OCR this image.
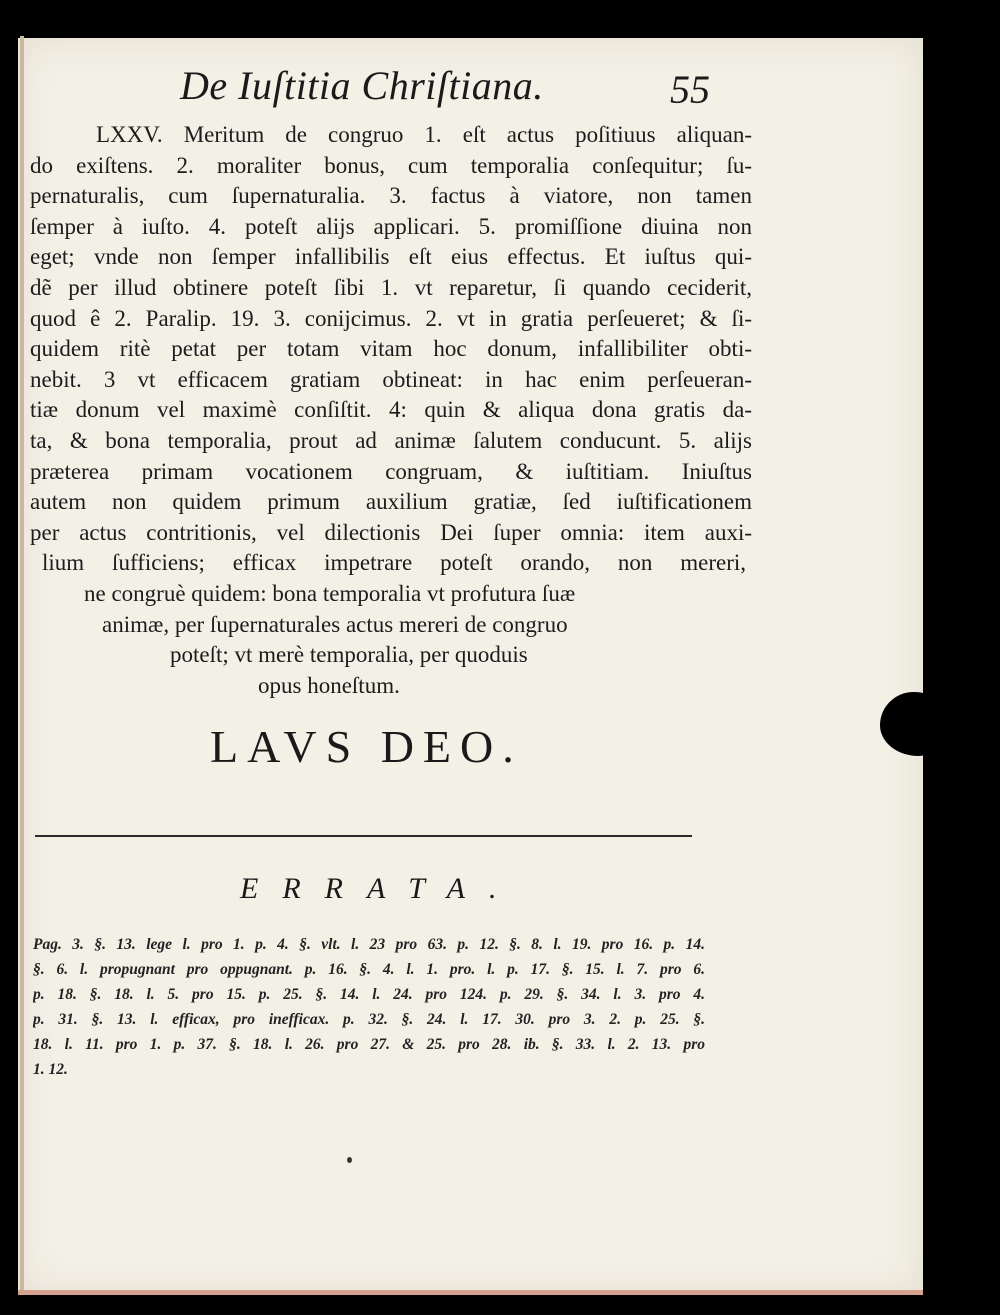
De Iuſtitia Chriſtiana.	55
LXXV. Meritum de congruo 1. eſt actus poſitiuus aliquan-
do exiſtens. 2. moraliter bonus, cum temporalia conſequitur; ſu-
pernaturalis, cum ſupernaturalia. 3. factus à viatore, non tamen
ſemper à iuſto. 4. poteſt alijs applicari. 5. promiſſione diuina non
eget; vnde non ſemper infallibilis eſt eius effectus. Et iuſtus qui-
dẽ per illud obtinere poteſt ſibi 1. vt reparetur, ſi quando ceciderit,
quod ê 2. Paralip. 19. 3. conijcimus. 2. vt in gratia perſeueret; & ſi-
quidem ritè petat per totam vitam hoc donum, infallibiliter obti-
nebit. 3 vt efficacem gratiam obtineat: in hac enim perſeueran-
tiæ donum vel maximè conſiſtit. 4: quin & aliqua dona gratis da-
ta, & bona temporalia, prout ad animæ ſalutem conducunt. 5. alijs
præterea primam vocationem congruam, & iuſtitiam. Iniuſtus
autem non quidem primum auxilium gratiæ, ſed iuſtificationem
per actus contritionis, vel dilectionis Dei ſuper omnia: item auxi-
lium ſufficiens; efficax impetrare poteſt orando, non mereri,
ne congruè quidem: bona temporalia vt profutura ſuæ
animæ, per ſupernaturales actus mereri de congruo
poteſt; vt merè temporalia, per quoduis
opus honeſtum.
LAVS DEO.
ERRATA.
Pag. 3. §. 13. lege l. pro 1. p. 4. §. vlt. l. 23 pro 63. p. 12. §. 8. l. 19. pro 16. p. 14.
§. 6. l. propugnant pro oppugnant. p. 16. §. 4. l. 1. pro. l. p. 17. §. 15. l. 7. pro 6.
p. 18. §. 18. l. 5. pro 15. p. 25. §. 14. l. 24. pro 124. p. 29. §. 34. l. 3. pro 4.
p. 31. §. 13. l. efficax, pro inefficax. p. 32. §. 24. l. 17. 30. pro 3. 2. p. 25. §.
18. l. 11. pro 1. p. 37. §. 18. l. 26. pro 27. & 25. pro 28. ib. §. 33. l. 2. 13. pro
1. 12.
